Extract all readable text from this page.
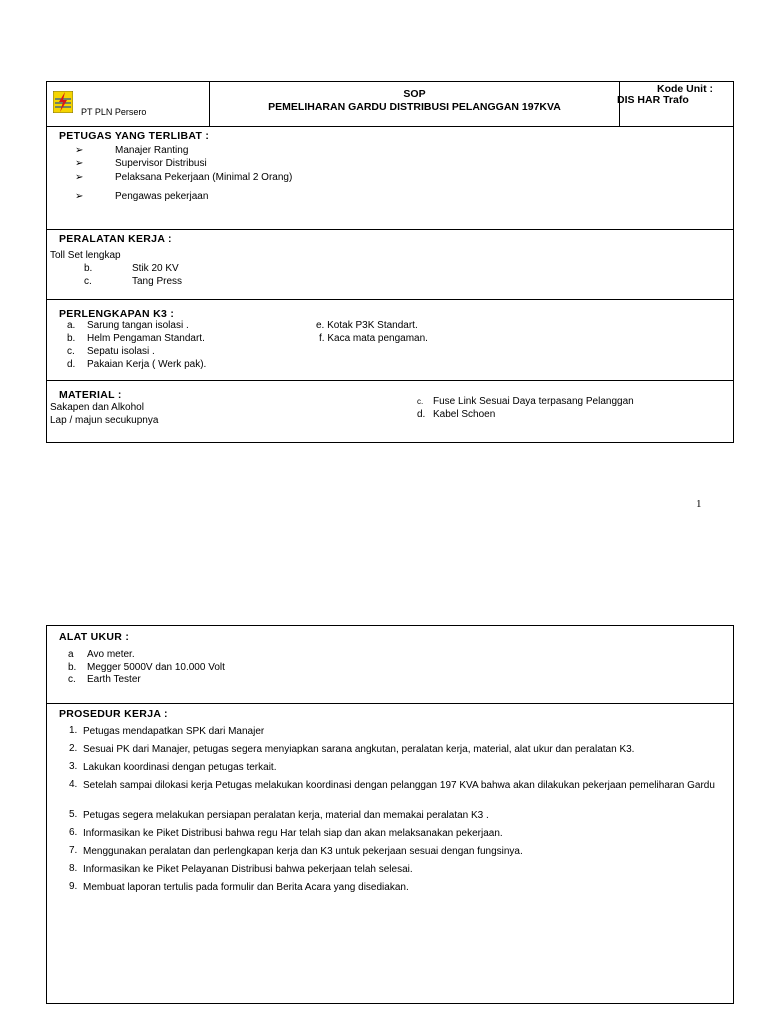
PT PLN Persero
SOP
PEMELIHARAN GARDU DISTRIBUSI PELANGGAN 197KVA
Kode Unit :
DIS HAR Trafo
PETUGAS YANG TERLIBAT :
➢	Manajer Ranting
➢	Supervisor Distribusi
➢	Pelaksana Pekerjaan (Minimal 2 Orang)
➢	Pengawas pekerjaan
PERALATAN KERJA :
Toll Set lengkap
b.	Stik 20 KV
c.	Tang Press
PERLENGKAPAN K3 :
a. Sarung tangan isolasi .
b. Helm Pengaman Standart.
c. Sepatu isolasi .
d. Pakaian Kerja ( Werk pak).
e. Kotak P3K Standart.
f. Kaca mata pengaman.
MATERIAL :
Sakapen dan Alkohol
Lap / majun secukupnya
c. Fuse Link Sesuai Daya terpasang Pelanggan
d. Kabel Schoen
1
ALAT UKUR :
a Avo meter.
b. Megger 5000V dan 10.000 Volt
c. Earth Tester
PROSEDUR KERJA :
1. Petugas mendapatkan SPK dari Manajer
2. Sesuai PK dari Manajer, petugas segera menyiapkan sarana angkutan, peralatan kerja, material, alat ukur dan peralatan K3.
3. Lakukan koordinasi dengan petugas terkait.
4. Setelah sampai dilokasi kerja Petugas melakukan koordinasi dengan pelanggan 197 KVA bahwa akan dilakukan pekerjaan pemeliharan Gardu
5. Petugas segera melakukan persiapan peralatan kerja, material dan memakai peralatan K3 .
6. Informasikan ke Piket Distribusi bahwa regu Har telah siap dan akan melaksanakan pekerjaan.
7. Menggunakan peralatan dan perlengkapan kerja dan K3 untuk pekerjaan sesuai dengan fungsinya.
8. Informasikan ke Piket Pelayanan Distribusi bahwa pekerjaan telah selesai.
9. Membuat laporan tertulis pada formulir dan Berita Acara yang disediakan.
